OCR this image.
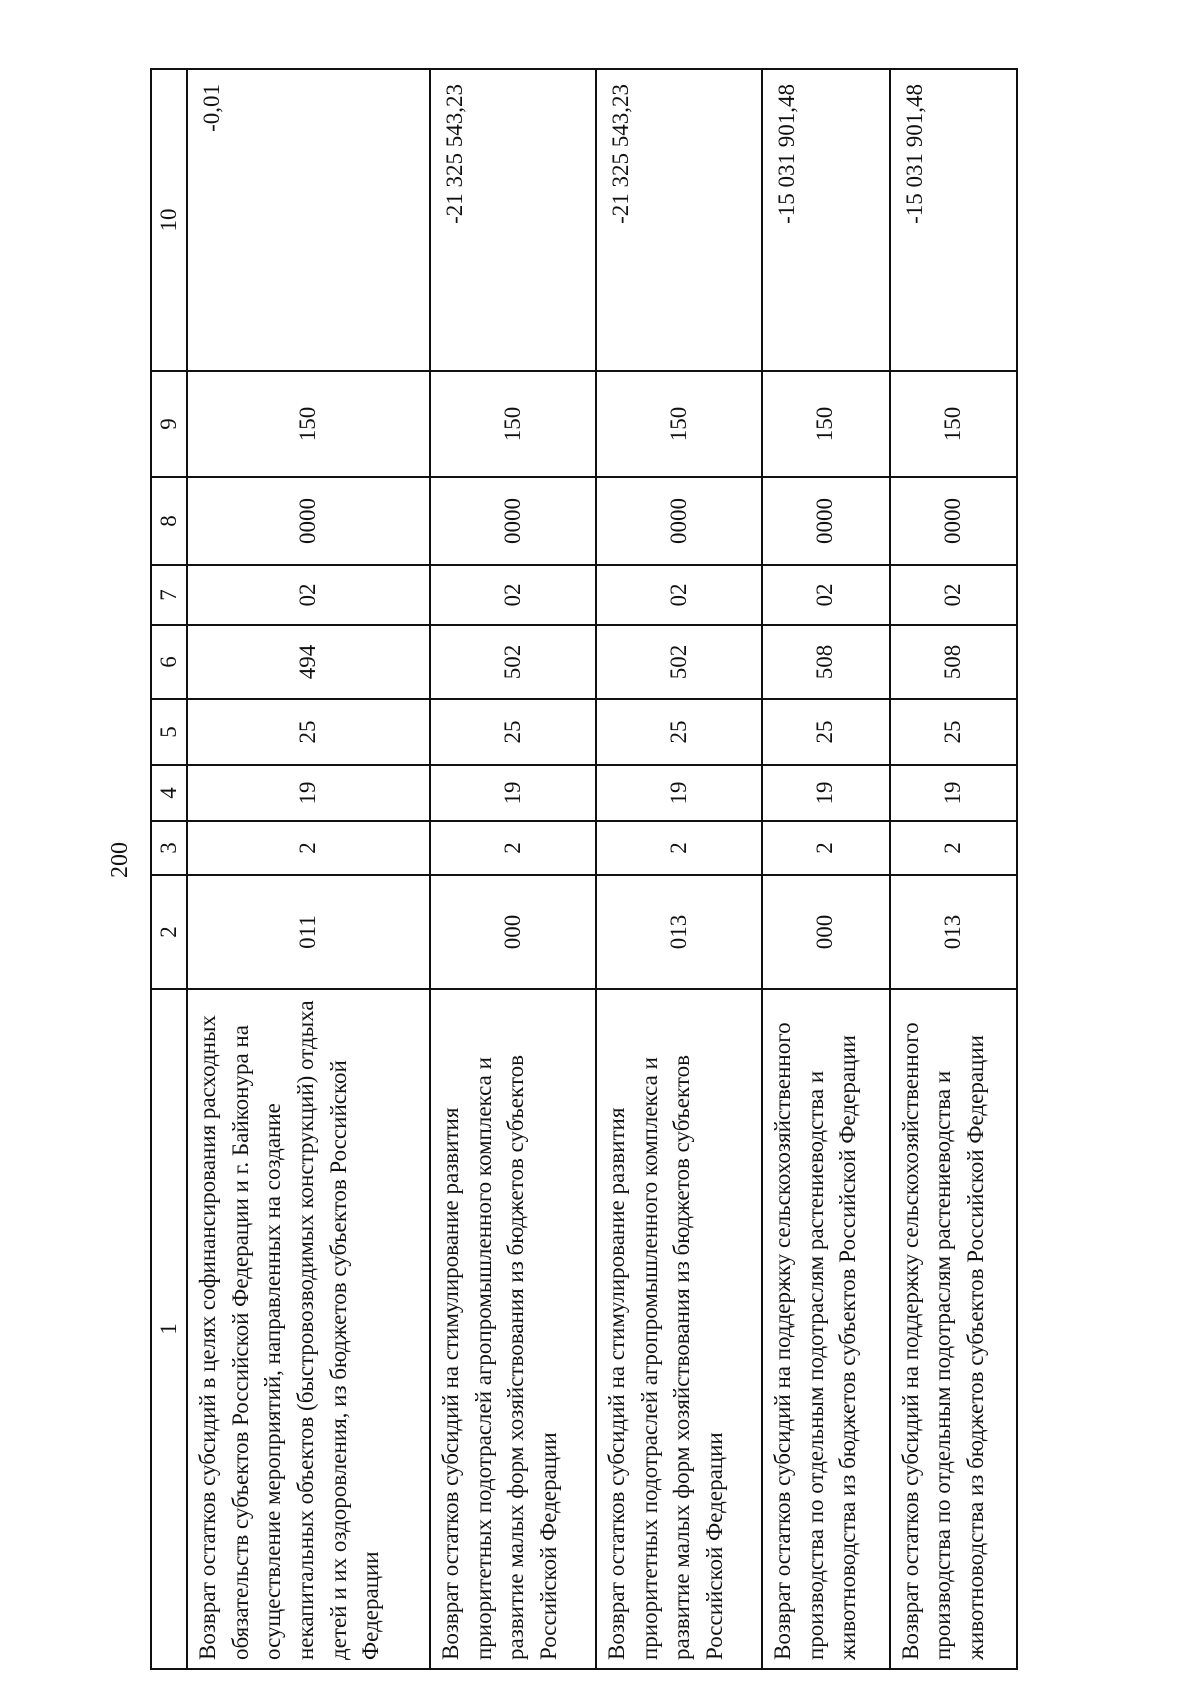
200
1	2	3	4	5	6	7	8	9	10
Возврат остатков субсидий в целях софинансирования расходных обязательств субъектов Российской Федерации и г. Байконура на осуществление мероприятий, направленных на создание некапитальных объектов (быстровозводимых конструкций) отдыха детей и их оздоровления, из бюджетов субъектов Российской Федерации	011	2	19	25	494	02	0000	150	-0,01
Возврат остатков субсидий на стимулирование развития приоритетных подотраслей агропромышленного комплекса и развитие малых форм хозяйствования из бюджетов субъектов Российской Федерации	000	2	19	25	502	02	0000	150	-21 325 543,23
Возврат остатков субсидий на стимулирование развития приоритетных подотраслей агропромышленного комплекса и развитие малых форм хозяйствования из бюджетов субъектов Российской Федерации	013	2	19	25	502	02	0000	150	-21 325 543,23
Возврат остатков субсидий на поддержку сельскохозяйственного производства по отдельным подотраслям растениеводства и животноводства из бюджетов субъектов Российской Федерации	000	2	19	25	508	02	0000	150	-15 031 901,48
Возврат остатков субсидий на поддержку сельскохозяйственного производства по отдельным подотраслям растениеводства и животноводства из бюджетов субъектов Российской Федерации	013	2	19	25	508	02	0000	150	-15 031 901,48
